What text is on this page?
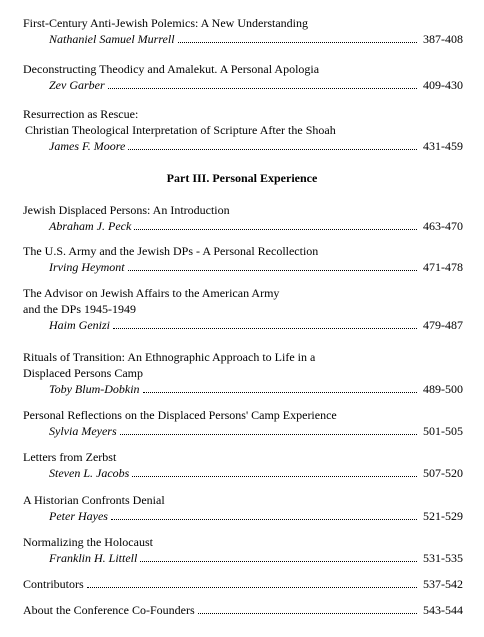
First-Century Anti-Jewish Polemics: A New Understanding
Nathaniel Samuel Murrell	387-408
Deconstructing Theodicy and Amalekut. A Personal Apologia
Zev Garber	409-430
Resurrection as Rescue:
Christian Theological Interpretation of Scripture After the Shoah
James F. Moore	431-459
Part III. Personal Experience
Jewish Displaced Persons: An Introduction
Abraham J. Peck	463-470
The U.S. Army and the Jewish DPs - A Personal Recollection
Irving Heymont	471-478
The Advisor on Jewish Affairs to the American Army
and the DPs 1945-1949
Haim Genizi	479-487
Rituals of Transition: An Ethnographic Approach to Life in a
Displaced Persons Camp
Toby Blum-Dobkin	489-500
Personal Reflections on the Displaced Persons' Camp Experience
Sylvia Meyers	501-505
Letters from Zerbst
Steven L. Jacobs	507-520
A Historian Confronts Denial
Peter Hayes	521-529
Normalizing the Holocaust
Franklin H. Littell	531-535
Contributors	537-542
About the Conference Co-Founders	543-544
